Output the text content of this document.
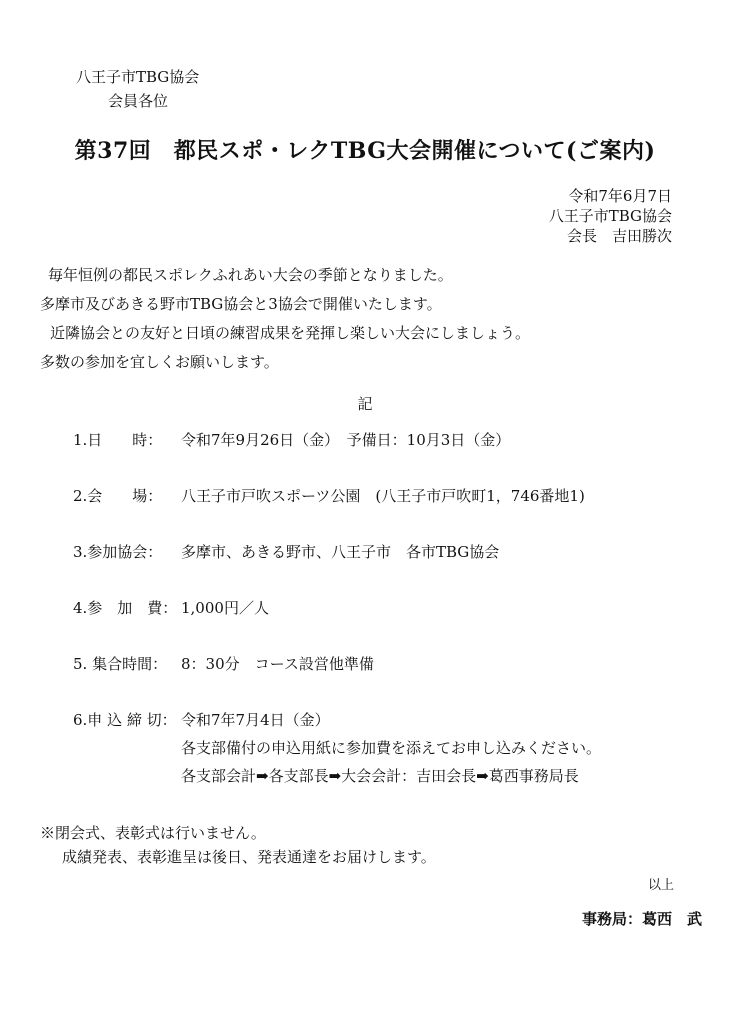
八王子市TBG協会
会員各位
第37回　都民スポ・レクTBG大会開催について(ご案内)
令和7年6月7日
八王子市TBG協会
会長　吉田勝次
毎年恒例の都民スポレクふれあい大会の季節となりました。
多摩市及びあきる野市TBG協会と3協会で開催いたします。
近隣協会との友好と日頃の練習成果を発揮し楽しい大会にしましょう。
多数の参加を宜しくお願いします。
記
1.日　　時： 令和7年9月26日（金）　予備日：10月3日（金）
2.会　　場： 八王子市戸吹スポーツ公園　(八王子市戸吹町1，746番地1)
3.参加協会： 多摩市、あきる野市、八王子市　各市TBG協会
4.参　加　費： 1,000円／人
5. 集合時間： 8：30分　コース設営他準備
6.申 込 締 切： 令和7年7月4日（金）
各支部備付の申込用紙に参加費を添えてお申し込みください。
各支部会計➡各支部長➡大会会計：吉田会長➡葛西事務局長
※閉会式、表彰式は行いません。
成績発表、表彰進呈は後日、発表通達をお届けします。
以上
事務局：葛西　武
